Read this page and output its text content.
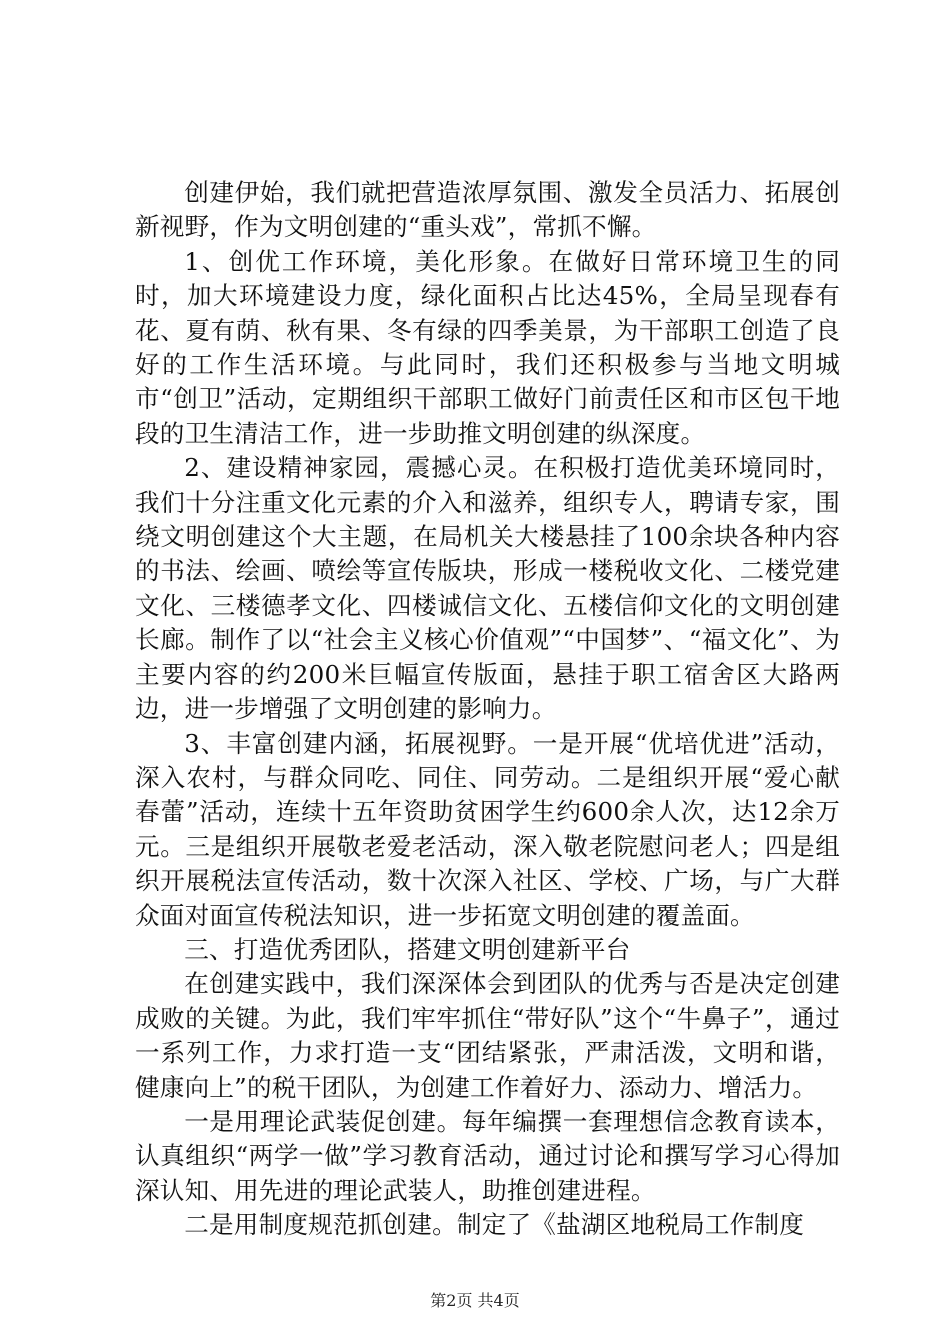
创建伊始，我们就把营造浓厚氛围、激发全员活力、拓展创新视野，作为文明创建的“重头戏”，常抓不懈。

1、创优工作环境，美化形象。在做好日常环境卫生的同时，加大环境建设力度，绿化面积占比达45%，全局呈现春有花、夏有荫、秋有果、冬有绿的四季美景，为干部职工创造了良好的工作生活环境。与此同时，我们还积极参与当地文明城市“创卫”活动，定期组织干部职工做好门前责任区和市区包干地段的卫生清洁工作，进一步助推文明创建的纵深度。

2、建设精神家园，震撼心灵。在积极打造优美环境同时，我们十分注重文化元素的介入和滋养，组织专人，聘请专家，围绕文明创建这个大主题，在局机关大楼悬挂了100余块各种内容的书法、绘画、喷绘等宣传版块，形成一楼税收文化、二楼党建文化、三楼德孝文化、四楼诚信文化、五楼信仰文化的文明创建长廊。制作了以“社会主义核心价值观”“中国梦”、“福文化”、为主要内容的约200米巨幅宣传版面，悬挂于职工宿舍区大路两边，进一步增强了文明创建的影响力。

3、丰富创建内涵，拓展视野。一是开展“优培优进”活动，深入农村，与群众同吃、同住、同劳动。二是组织开展“爱心献春蕾”活动，连续十五年资助贫困学生约600余人次，达12余万元。三是组织开展敬老爱老活动，深入敬老院慰问老人；四是组织开展税法宣传活动，数十次深入社区、学校、广场，与广大群众面对面宣传税法知识，进一步拓宽文明创建的覆盖面。

三、打造优秀团队，搭建文明创建新平台

在创建实践中，我们深深体会到团队的优秀与否是决定创建成败的关键。为此，我们牢牢抓住“带好队”这个“牛鼻子”，通过一系列工作，力求打造一支“团结紧张，严肃活泼，文明和谐，健康向上”的税干团队，为创建工作着好力、添动力、增活力。

一是用理论武装促创建。每年编撰一套理想信念教育读本，认真组织“两学一做”学习教育活动，通过讨论和撰写学习心得加深认知、用先进的理论武装人，助推创建进程。

二是用制度规范抓创建。制定了《盐湖区地税局工作制度

第2页 共4页
